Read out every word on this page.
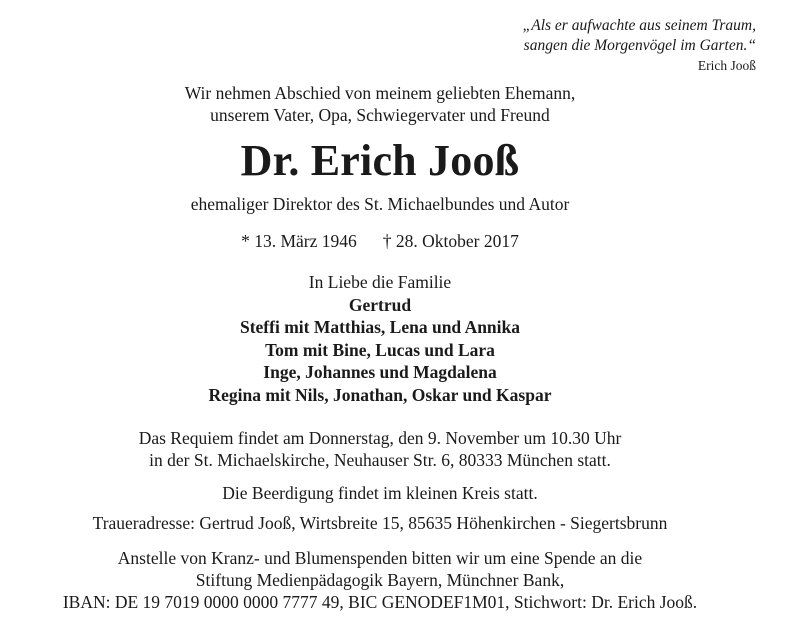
„Als er aufwachte aus seinem Traum,
sangen die Morgenvögel im Garten.“
Erich Jooß
Wir nehmen Abschied von meinem geliebten Ehemann,
unserem Vater, Opa, Schwiegervater und Freund
Dr. Erich Jooß
ehemaliger Direktor des St. Michaelbundes und Autor
* 13. März 1946 † 28. Oktober 2017
In Liebe die Familie
Gertrud
Steffi mit Matthias, Lena und Annika
Tom mit Bine, Lucas und Lara
Inge, Johannes und Magdalena
Regina mit Nils, Jonathan, Oskar und Kaspar
Das Requiem findet am Donnerstag, den 9. November um 10.30 Uhr
in der St. Michaelskirche, Neuhauser Str. 6, 80333 München statt.
Die Beerdigung findet im kleinen Kreis statt.
Traueradresse: Gertrud Jooß, Wirtsbreite 15, 85635 Höhenkirchen - Siegertsbrunn
Anstelle von Kranz- und Blumenspenden bitten wir um eine Spende an die
Stiftung Medienpädagogik Bayern, Münchner Bank,
IBAN: DE 19 7019 0000 0000 7777 49, BIC GENODEF1M01, Stichwort: Dr. Erich Jooß.
